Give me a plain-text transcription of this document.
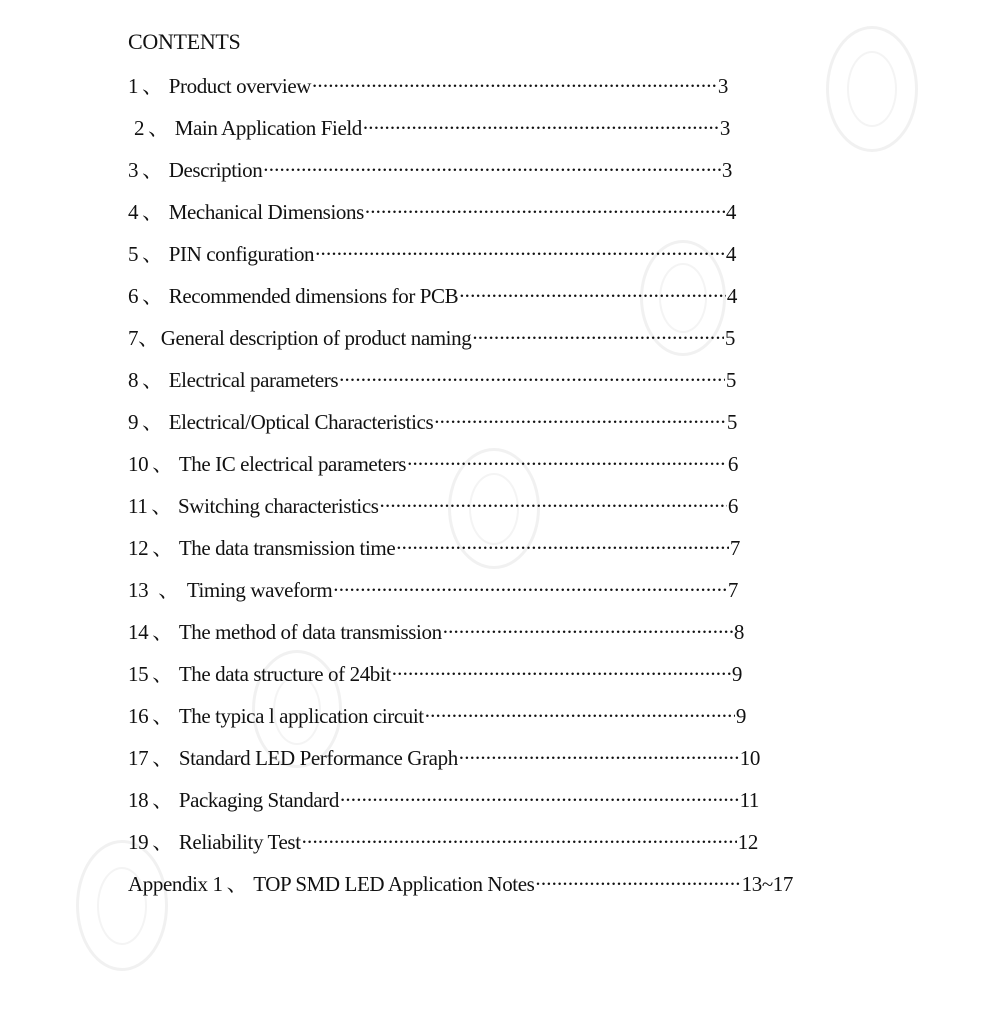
CONTENTS
1 、 Product overview .....	3
2 、 Main Application Field .....	3
3 、 Description .....	3
4 、 Mechanical Dimensions .....	4
5 、 PIN configuration .....	4
6 、 Recommended dimensions for PCB .....	4
7 、 General description of product naming .....	5
8 、 Electrical parameters .....	5
9 、 Electrical/Optical Characteristics .....	5
10 、 The IC electrical parameters .....	6
11 、 Switching characteristics .....	6
12 、 The data transmission time .....	7
13 、 Timing waveform .....	7
14 、 The method of data transmission .....	8
15 、 The data structure of 24bit .....	9
16 、 The typica l application circuit .....	9
17 、 Standard LED Performance Graph .....	10
18 、 Packaging Standard .....	11
19 、 Reliability Test .....	12
Appendix 1 、 TOP SMD LED Application Notes .....	13~17
